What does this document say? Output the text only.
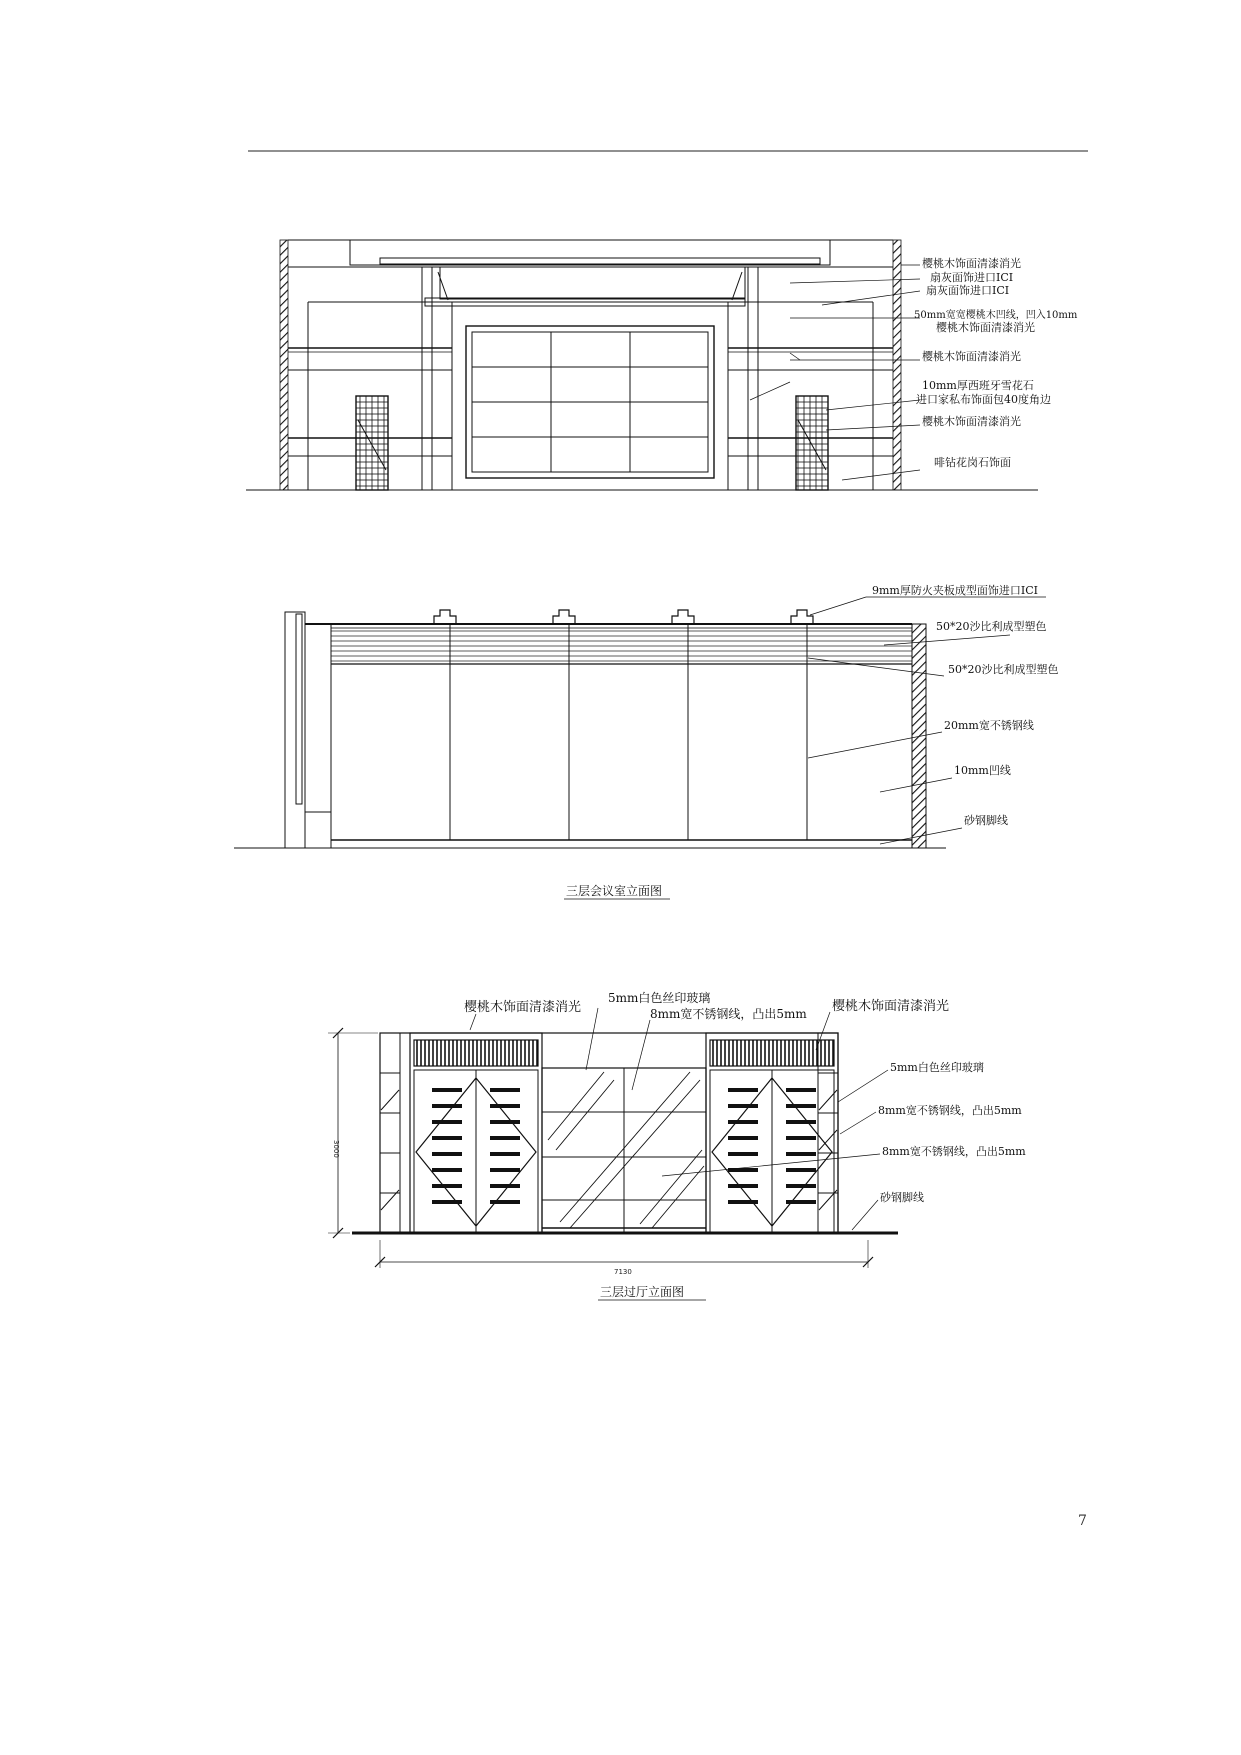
樱桃木饰面清漆消光
扇灰面饰进口ICI
扇灰面饰进口ICI
50mm宽宽樱桃木凹线，凹入10mm
樱桃木饰面清漆消光
樱桃木饰面清漆消光
10mm厚西班牙雪花石
进口家私布饰面包40度角边
樱桃木饰面清漆消光
啡钻花岗石饰面
9mm厚防火夹板成型面饰进口ICI
50*20沙比利成型塑色
50*20沙比利成型塑色
20mm宽不锈钢线
10mm凹线
砂钢脚线
三层会议室立面图
樱桃木饰面清漆消光
5mm白色丝印玻璃
8mm宽不锈钢线，凸出5mm 樱桃木饰面清漆消光
5mm白色丝印玻璃
8mm宽不锈钢线，凸出5mm
8mm宽不锈钢线，凸出5mm
砂钢脚线
3000
7130
三层过厅立面图
7
